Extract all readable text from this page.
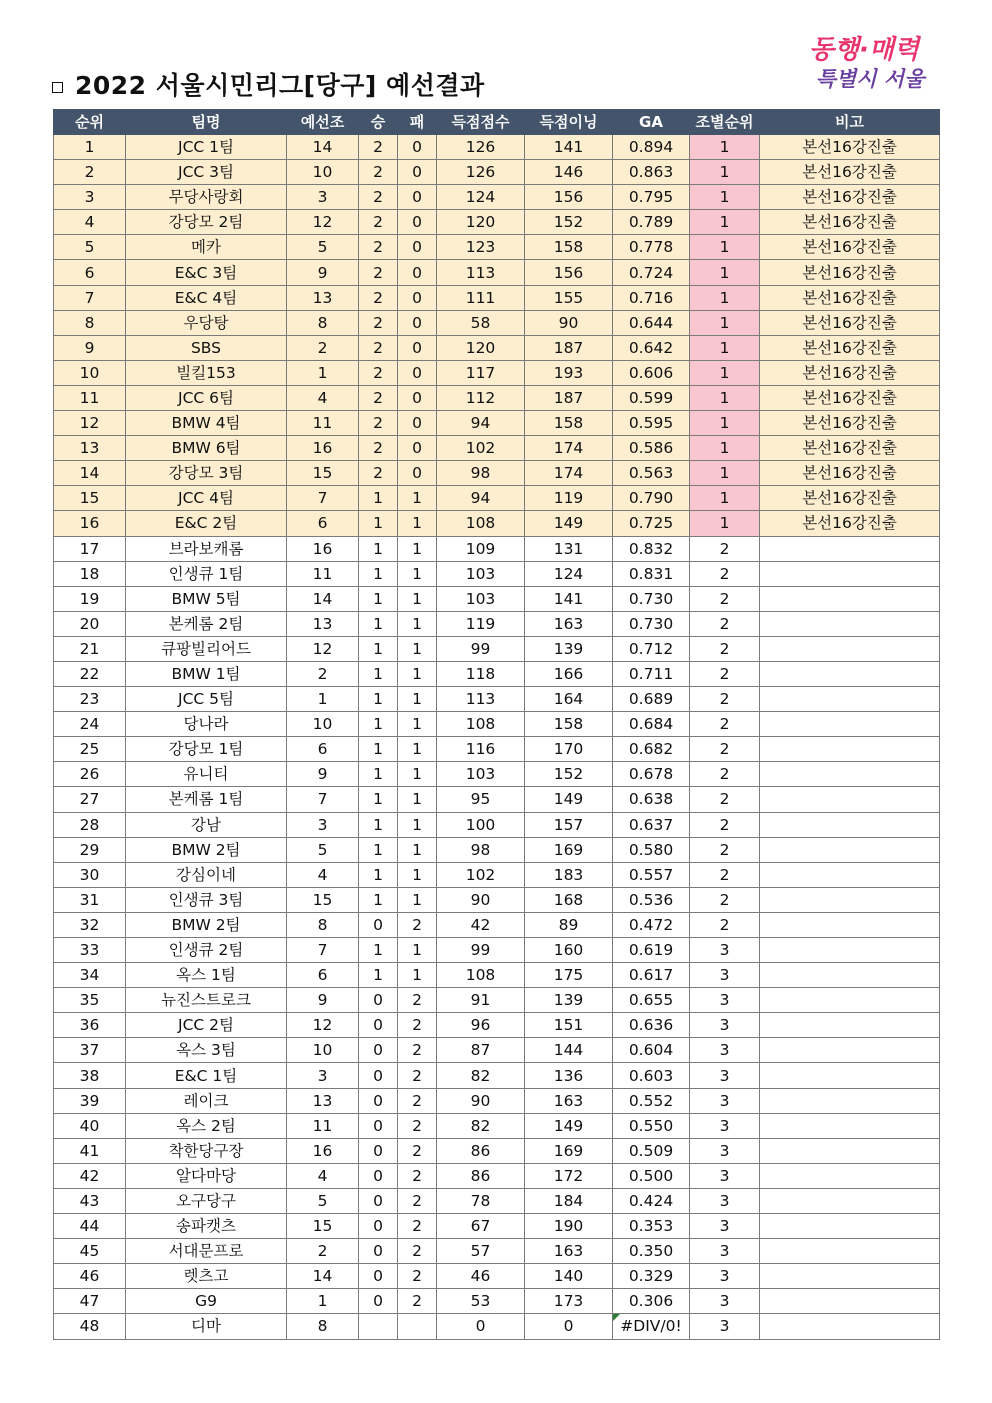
동행·매력
특별시 서울
2022 서울시민리그[당구] 예선결과
순위	팀명	예선조	승	패	득점점수	득점이닝	GA	조별순위	비고
1	JCC 1팀	14	2	0	126	141	0.894	1	본선16강진출
2	JCC 3팀	10	2	0	126	146	0.863	1	본선16강진출
3	무당사랑회	3	2	0	124	156	0.795	1	본선16강진출
4	강당모 2팀	12	2	0	120	152	0.789	1	본선16강진출
5	메카	5	2	0	123	158	0.778	1	본선16강진출
6	E&C 3팀	9	2	0	113	156	0.724	1	본선16강진출
7	E&C 4팀	13	2	0	111	155	0.716	1	본선16강진출
8	우당탕	8	2	0	58	90	0.644	1	본선16강진출
9	SBS	2	2	0	120	187	0.642	1	본선16강진출
10	빌킬153	1	2	0	117	193	0.606	1	본선16강진출
11	JCC 6팀	4	2	0	112	187	0.599	1	본선16강진출
12	BMW 4팀	11	2	0	94	158	0.595	1	본선16강진출
13	BMW 6팀	16	2	0	102	174	0.586	1	본선16강진출
14	강당모 3팀	15	2	0	98	174	0.563	1	본선16강진출
15	JCC 4팀	7	1	1	94	119	0.790	1	본선16강진출
16	E&C 2팀	6	1	1	108	149	0.725	1	본선16강진출
17	브라보캐롬	16	1	1	109	131	0.832	2	
18	인생큐 1팀	11	1	1	103	124	0.831	2	
19	BMW 5팀	14	1	1	103	141	0.730	2	
20	본케롬 2팀	13	1	1	119	163	0.730	2	
21	큐팡빌리어드	12	1	1	99	139	0.712	2	
22	BMW 1팀	2	1	1	118	166	0.711	2	
23	JCC 5팀	1	1	1	113	164	0.689	2	
24	당나라	10	1	1	108	158	0.684	2	
25	강당모 1팀	6	1	1	116	170	0.682	2	
26	유니티	9	1	1	103	152	0.678	2	
27	본케롬 1팀	7	1	1	95	149	0.638	2	
28	강남	3	1	1	100	157	0.637	2	
29	BMW 2팀	5	1	1	98	169	0.580	2	
30	강심이네	4	1	1	102	183	0.557	2	
31	인생큐 3팀	15	1	1	90	168	0.536	2	
32	BMW 2팀	8	0	2	42	89	0.472	2	
33	인생큐 2팀	7	1	1	99	160	0.619	3	
34	옥스 1팀	6	1	1	108	175	0.617	3	
35	뉴진스트로크	9	0	2	91	139	0.655	3	
36	JCC 2팀	12	0	2	96	151	0.636	3	
37	옥스 3팀	10	0	2	87	144	0.604	3	
38	E&C 1팀	3	0	2	82	136	0.603	3	
39	레이크	13	0	2	90	163	0.552	3	
40	옥스 2팀	11	0	2	82	149	0.550	3	
41	착한당구장	16	0	2	86	169	0.509	3	
42	알다마당	4	0	2	86	172	0.500	3	
43	오구당구	5	0	2	78	184	0.424	3	
44	송파캣츠	15	0	2	67	190	0.353	3	
45	서대문프로	2	0	2	57	163	0.350	3	
46	렛츠고	14	0	2	46	140	0.329	3	
47	G9	1	0	2	53	173	0.306	3	
48	디마	8			0	0	#DIV/0!	3	
